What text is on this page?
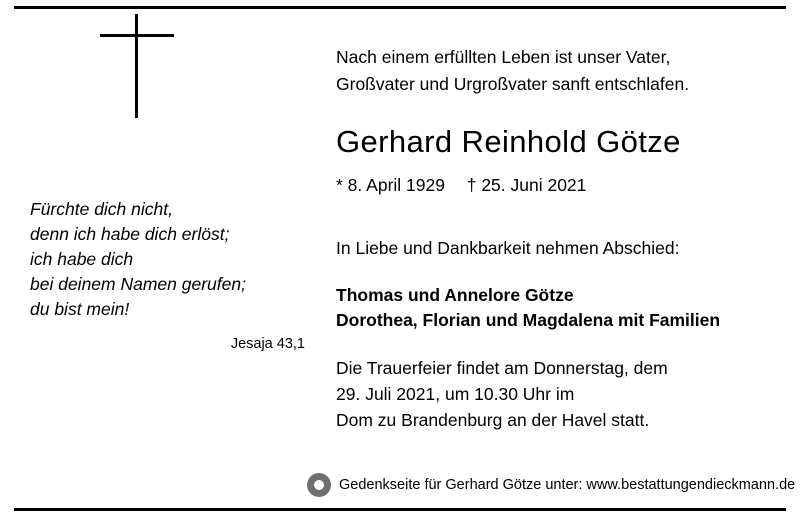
Fürchte dich nicht,
denn ich habe dich erlöst;
ich habe dich
bei deinem Namen gerufen;
du bist mein!
Jesaja 43,1
Nach einem erfüllten Leben ist unser Vater,
Großvater und Urgroßvater sanft entschlafen.
Gerhard Reinhold Götze
* 8. April 1929 † 25. Juni 2021
In Liebe und Dankbarkeit nehmen Abschied:
Thomas und Annelore Götze
Dorothea, Florian und Magdalena mit Familien
Die Trauerfeier findet am Donnerstag, dem
29. Juli 2021, um 10.30 Uhr im
Dom zu Brandenburg an der Havel statt.
Gedenkseite für Gerhard Götze unter: www.bestattungendieckmann.de
